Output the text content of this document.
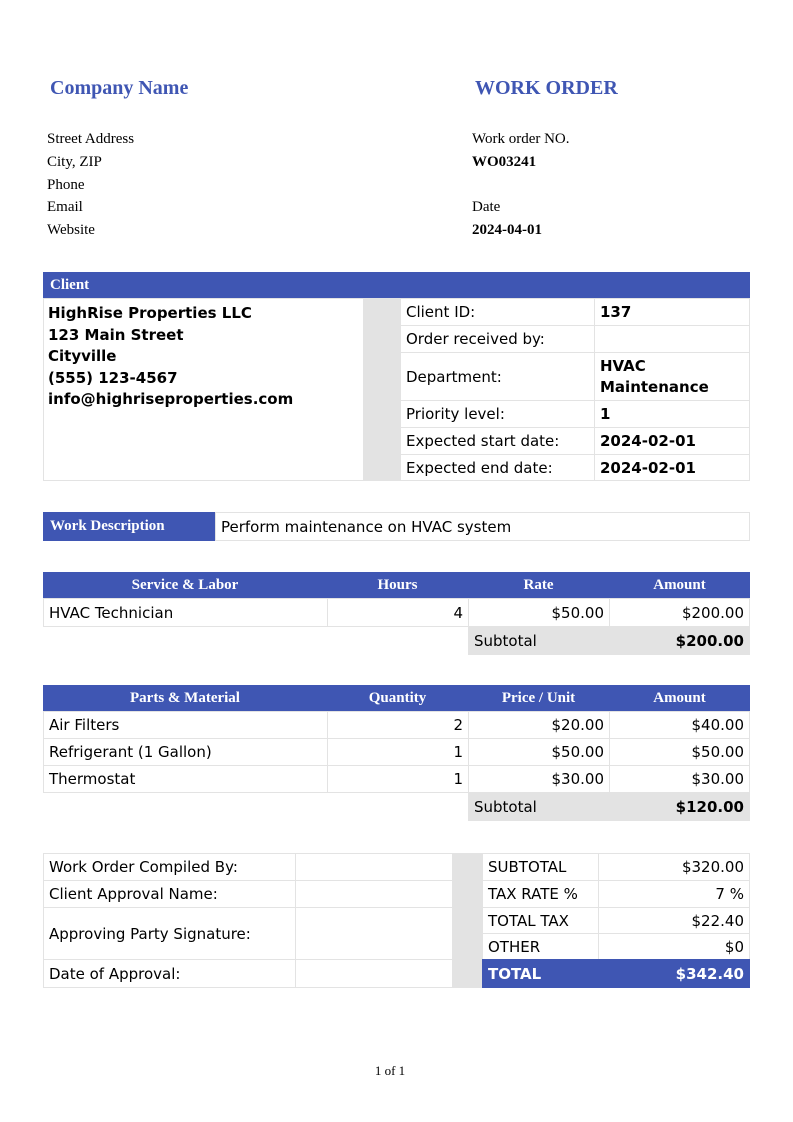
Company Name	WORK ORDER
Street Address
City, ZIP
Phone
Email
Website
Work order NO.
WO03241
Date
2024-04-01
Client
HighRise Properties LLC
123 Main Street
Cityville
(555) 123-4567
info@highriseproperties.com
Client ID:	137
Order received by:
Department:
HVAC
Maintenance
Priority level:	1
Expected start date:	2024-02-01
Expected end date:	2024-02-01
Work Description	Perform maintenance on HVAC system
Service & Labor	Hours	Rate	Amount
HVAC Technician	4	$50.00	$200.00
Subtotal	$200.00
Parts & Material	Quantity	Price / Unit	Amount
Air Filters	2	$20.00	$40.00
Refrigerant (1 Gallon)	1	$50.00	$50.00
Thermostat	1	$30.00	$30.00
Subtotal	$120.00
Work Order Compiled By:
Client Approval Name:
Approving Party Signature:
Date of Approval:
SUBTOTAL	$320.00
TAX RATE %	7 %
TOTAL TAX	$22.40
OTHER	$0
TOTAL	$342.40
1 of 1
